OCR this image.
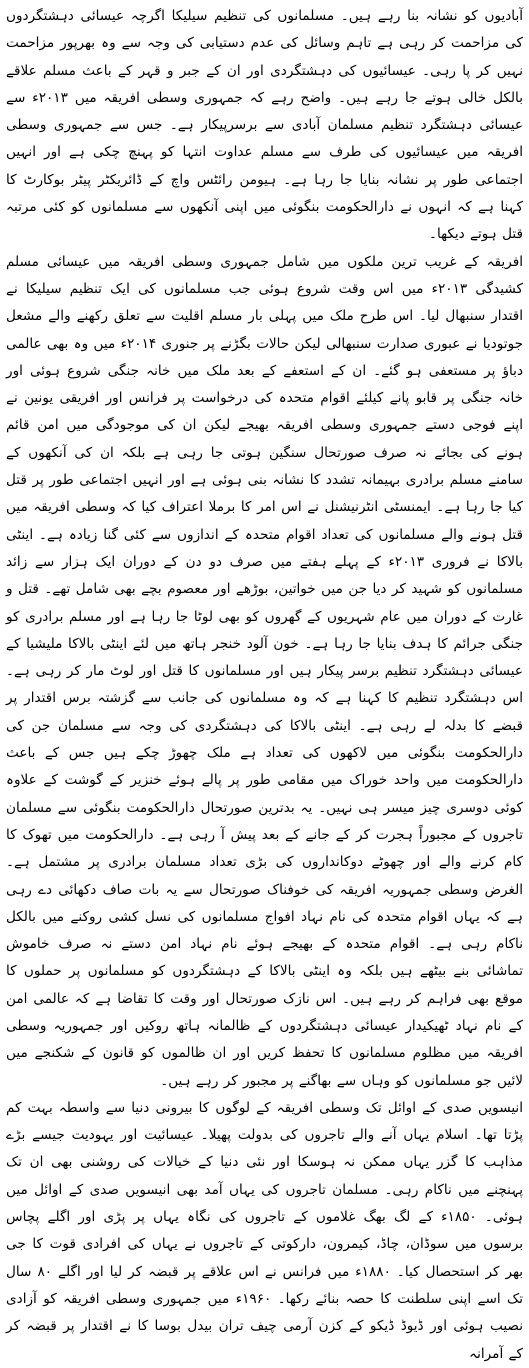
آبادیوں کو نشانہ بنا رہے ہیں۔ مسلمانوں کی تنظیم سیلیکا اگرچہ عیسائی دہشتگردوں کی مزاحمت کر رہی ہے تاہم وسائل کی عدم دستیابی کی وجہ سے وہ بھرپور مزاحمت نہیں کر پا رہی۔ عیسائیوں کی دہشتگردی اور ان کے جبر و قہر کے باعث مسلم علاقے بالکل خالی ہوتے جا رہے ہیں۔ واضح رہے کہ جمہوری وسطی افریقہ میں ۲۰۱۳ء سے عیسائی دہشتگرد تنظیم مسلمان آبادی سے برسرپیکار ہے۔ جس سے جمہوری وسطی افریقہ میں عیسائیوں کی طرف سے مسلم عداوت انتہا کو پہنچ چکی ہے اور انہیں اجتماعی طور پر نشانہ بنایا جا رہا ہے۔ ہیومن رائٹس واچ کے ڈائریکٹر پیٹر بوکارٹ کا کہنا ہے کہ انہوں نے دارالحکومت بنگوئی میں اپنی آنکھوں سے مسلمانوں کو کئی مرتبہ قتل ہوتے دیکھا۔

افریقہ کے غریب ترین ملکوں میں شامل جمہوری وسطی افریقہ میں عیسائی مسلم کشیدگی ۲۰۱۳ء میں اس وقت شروع ہوئی جب مسلمانوں کی ایک تنظیم سیلیکا نے اقتدار سنبھال لیا۔ اس طرح ملک میں پہلی بار مسلم اقلیت سے تعلق رکھنے والے مشعل جوتودیا نے عبوری صدارت سنبھالی لیکن حالات بگڑنے پر جنوری ۲۰۱۴ء میں وہ بھی عالمی دباؤ پر مستعفی ہو گئے۔ ان کے استعفے کے بعد ملک میں خانہ جنگی شروع ہوئی اور خانہ جنگی پر قابو پانے کیلئے اقوام متحدہ کی درخواست پر فرانس اور افریقی یونین نے اپنے فوجی دستے جمہوری وسطی افریقہ بھیجے لیکن ان کی موجودگی میں امن قائم ہونے کی بجائے نہ صرف صورتحال سنگین ہوتی جا رہی ہے بلکہ ان کی آنکھوں کے سامنے مسلم برادری بہیمانہ تشدد کا نشانہ بنی ہوئی ہے اور انہیں اجتماعی طور پر قتل کیا جا رہا ہے۔ ایمنسٹی انٹرنیشنل نے اس امر کا برملا اعتراف کیا کہ وسطی افریقہ میں قتل ہونے والے مسلمانوں کی تعداد اقوام متحدہ کے اندازوں سے کئی گنا زیادہ ہے۔ اینٹی بالاکا نے فروری ۲۰۱۳ء کے پہلے ہفتے میں صرف دو دن کے دوران ایک ہزار سے زائد مسلمانوں کو شہید کر دیا جن میں خواتین، بوڑھے اور معصوم بچے بھی شامل تھے۔ قتل و غارت کے دوران میں عام شہریوں کے گھروں کو بھی لوٹا جا رہا ہے اور مسلم برادری کو جنگی جرائم کا ہدف بنایا جا رہا ہے۔ خون آلود خنجر ہاتھ میں لئے اینٹی بالاکا ملیشیا کے عیسائی دہشتگرد تنظیم برسر پیکار ہیں اور مسلمانوں کا قتل اور لوٹ مار کر رہی ہے۔ اس دہشتگرد تنظیم کا کہنا ہے کہ وہ مسلمانوں کی جانب سے گزشتہ برس اقتدار پر قبضے کا بدلہ لے رہی ہے۔ اینٹی بالاکا کی دہشتگردی کی وجہ سے مسلمان جن کی دارالحکومت بنگوئی میں لاکھوں کی تعداد ہے ملک چھوڑ چکے ہیں جس کے باعث دارالحکومت میں واحد خوراک میں مقامی طور پر پالے ہوئے خنزیر کے گوشت کے علاوہ کوئی دوسری چیز میسر ہی نہیں۔ یہ بدترین صورتحال دارالحکومت بنگوئی سے مسلمان تاجروں کے مجبوراً ہجرت کر کے جانے کے بعد پیش آ رہی ہے۔ دارالحکومت میں تھوک کا کام کرنے والے اور چھوٹے دوکانداروں کی بڑی تعداد مسلمان برادری پر مشتمل ہے۔ الغرض وسطی جمہوریہ افریقہ کی خوفناک صورتحال سے یہ بات صاف دکھائی دے رہی ہے کہ یہاں اقوام متحدہ کی نام نہاد افواج مسلمانوں کی نسل کشی روکنے میں بالکل ناکام رہی ہے۔ اقوام متحدہ کے بھیجے ہوئے نام نہاد امن دستے نہ صرف خاموش تماشائی بنے بیٹھے ہیں بلکہ وہ اینٹی بالاکا کے دہشتگردوں کو مسلمانوں پر حملوں کا موقع بھی فراہم کر رہے ہیں۔ اس نازک صورتحال اور وقت کا تقاضا ہے کہ عالمی امن کے نام نہاد ٹھیکیدار عیسائی دہشتگردوں کے ظالمانہ ہاتھ روکیں اور جمہوریہ وسطی افریقہ میں مظلوم مسلمانوں کا تحفظ کریں اور ان ظالموں کو قانون کے شکنجے میں لائیں جو مسلمانوں کو وہاں سے بھاگنے پر مجبور کر رہے ہیں۔

انیسویں صدی کے اوائل تک وسطی افریقہ کے لوگوں کا بیرونی دنیا سے واسطہ بہت کم پڑتا تھا۔ اسلام یہاں آنے والے تاجروں کی بدولت پھیلا۔ عیسائیت اور یہودیت جیسے بڑے مذاہب کا گزر یہاں ممکن نہ ہوسکا اور نئی دنیا کے خیالات کی روشنی بھی ان تک پہنچنے میں ناکام رہی۔ مسلمان تاجروں کی یہاں آمد بھی انیسویں صدی کے اوائل میں ہوئی۔ ۱۸۵۰ء کے لگ بھگ غلاموں کے تاجروں کی نگاہ یہاں پر پڑی اور اگلے پچاس برسوں میں سوڈان، چاڈ، کیمرون، دارکوتی کے تاجروں نے یہاں کی افرادی قوت کا جی بھر کر استحصال کیا۔ ۱۸۸۰ء میں فرانس نے اس علاقے پر قبضہ کر لیا اور اگلے ۸۰ سال تک اسے اپنی سلطنت کا حصہ بنائے رکھا۔ ۱۹۶۰ء میں جمہوری وسطی افریقہ کو آزادی نصیب ہوئی اور ڈیوڈ ڈیکو کے کزن آرمی چیف تران بیدل بوسا کا نے اقتدار پر قبضہ کر کے آمرانہ
